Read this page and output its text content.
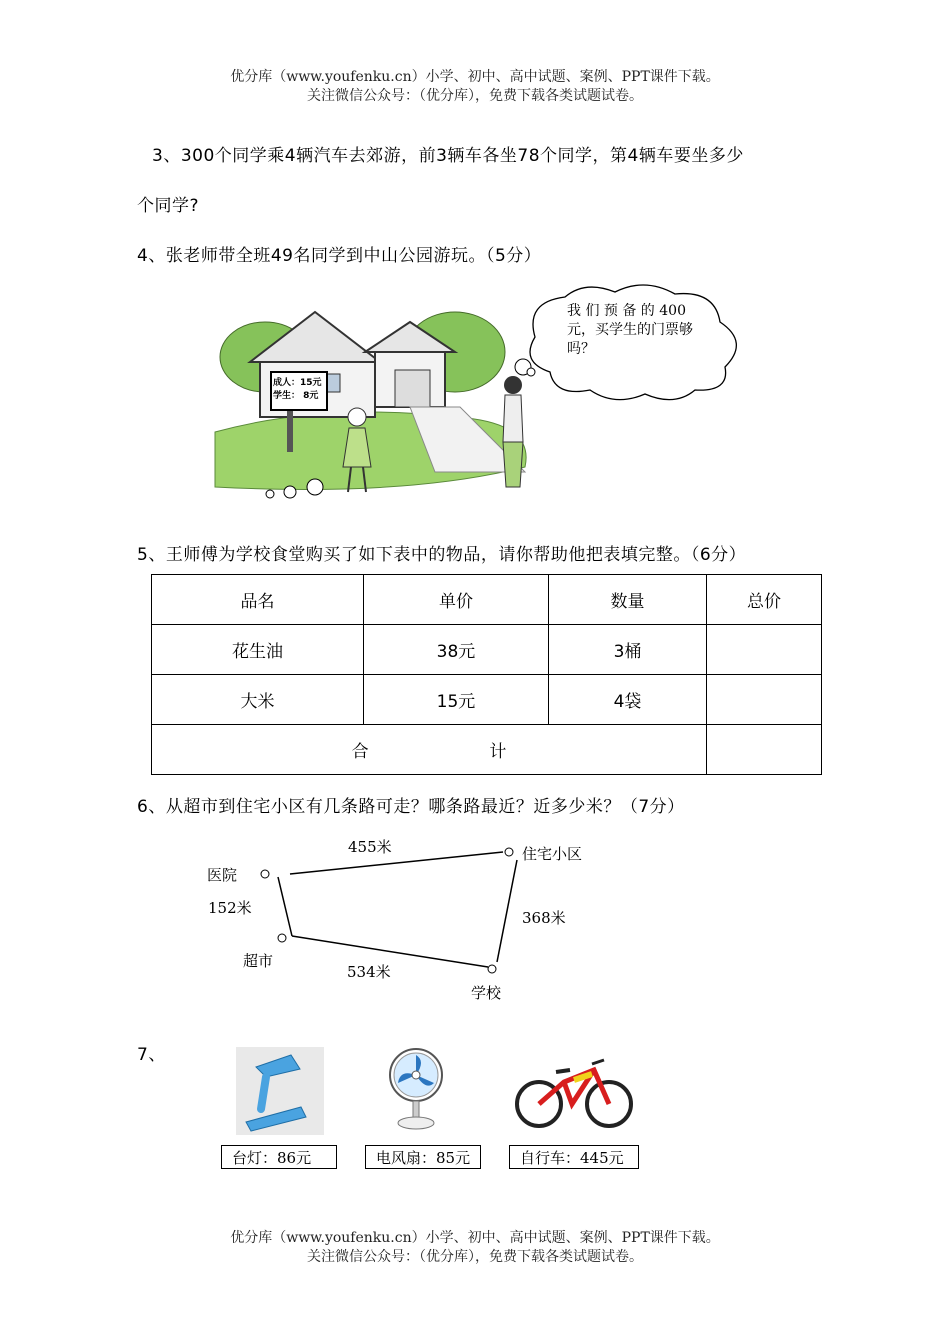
优分库（www.youfenku.cn）小学、初中、高中试题、案例、PPT课件下载。
关注微信公众号：（优分库），免费下载各类试题试卷。
3、300个同学乘4辆汽车去郊游，前3辆车各坐78个同学，第4辆车要坐多少
个同学?
4、张老师带全班49名同学到中山公园游玩。（5分）
成人：15元
学生： 8元
我 们 预 备 的 400 元，买学生的门票够吗？
5、王师傅为学校食堂购买了如下表中的物品，请你帮助他把表填完整。（6分）
品名	单价	数量	总价
花生油	38元	3桶	
大米	15元	4袋	
合 计			
6、从超市到住宅小区有几条路可走？哪条路最近？近多少米？（7分）
医院
住宅小区
超市
学校
455米
152米
368米
534米
7、
台灯：86元	电风扇：85元	自行车：445元
优分库（www.youfenku.cn）小学、初中、高中试题、案例、PPT课件下载。
关注微信公众号：（优分库），免费下载各类试题试卷。
